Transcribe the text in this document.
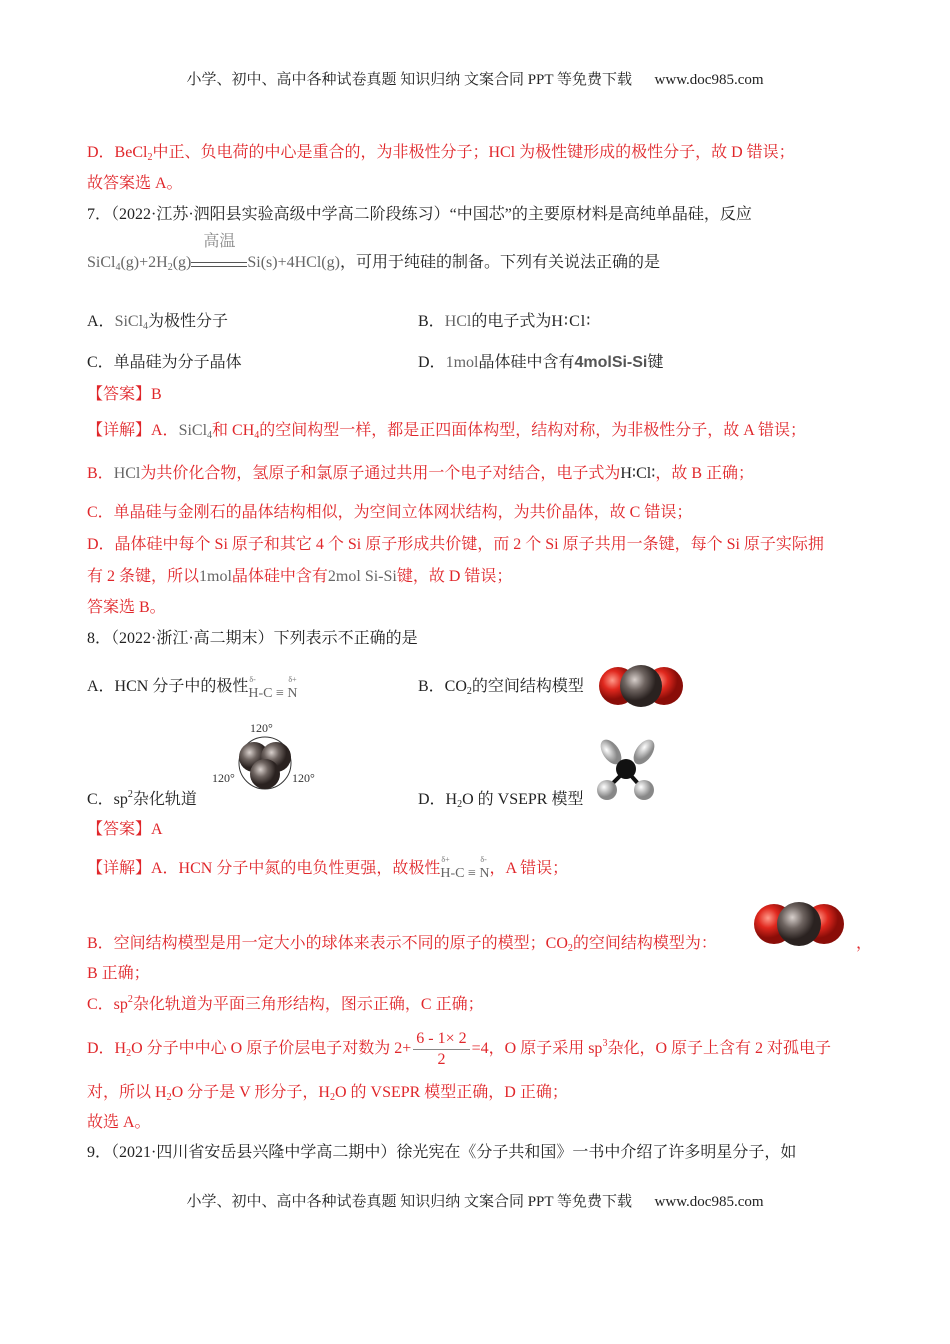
小学、初中、高中各种试卷真题 知识归纳 文案合同 PPT 等免费下载 www.doc985.com
D．BeCl$_2$中正、负电荷的中心是重合的，为非极性分子；HCl 为极性键形成的极性分子，故 D 错误；
故答案选 A。
7．（2022·江苏·泗阳县实验高级中学高二阶段练习）“中国芯”的主要原材料是高纯单晶硅，反应
$SiCl_4(g)+2H_2(g)$
高温
Si(s)+4HCl(g)，可用于纯硅的制备。下列有关说法正确的是
A．SiCl$_4$为极性分子	B．HCl的电子式为H∶Cl∶
C．单晶硅为分子晶体	D．1mol晶体硅中含有4molSi-Si键
【答案】B
【详解】A．SiCl$_4$和 $CH_4$的空间构型一样，都是正四面体构型，结构对称，为非极性分子，故 A 错误；
B．HCl为共价化合物，氢原子和氯原子通过共用一个电子对结合，电子式为H∶Cl∶，故 B 正确；
C．单晶硅与金刚石的晶体结构相似，为空间立体网状结构，为共价晶体，故 C 错误；
D．晶体硅中每个 Si 原子和其它 4 个 Si 原子形成共价键，而 2 个 Si 原子共用一条键，每个 Si 原子实际拥
有 2 条键，所以1mol晶体硅中含有2mol Si-Si键，故 D 错误；
答案选 B。
8．（2022·浙江·高二期末）下列表示不正确的是
A．HCN 分子中的极性 δ-
H-C ≡
δ+
N	B．$CO_2$的空间结构模型
120°
120°	120°
C．$sp^2$杂化轨道	D．$H_2O$ 的 VSEPR 模型
【答案】A
【详解】A．HCN 分子中氮的电负性更强，故极性
δ+
H-C ≡
δ-
N，A 错误；
B．空间结构模型是用一定大小的球体来表示不同的原子的模型；$CO_2$的空间结构模型为：	，
B 正确；
C．$sp^2$杂化轨道为平面三角形结构，图示正确，C 正确；
D．$H_2O$ 分子中中心 O 原子价层电子对数为 $2+ \frac{6 - 1\times 2}{2} =4$，O 原子采用 $sp^3$杂化，O 原子上含有 2 对孤电子
对，所以 $H_2O$ 分子是 V 形分子，$H_2O$ 的 VSEPR 模型正确，D 正确；
故选 A。
9．（2021·四川省安岳县兴隆中学高二期中）徐光宪在《分子共和国》一书中介绍了许多明星分子，如
小学、初中、高中各种试卷真题 知识归纳 文案合同 PPT 等免费下载 www.doc985.com
